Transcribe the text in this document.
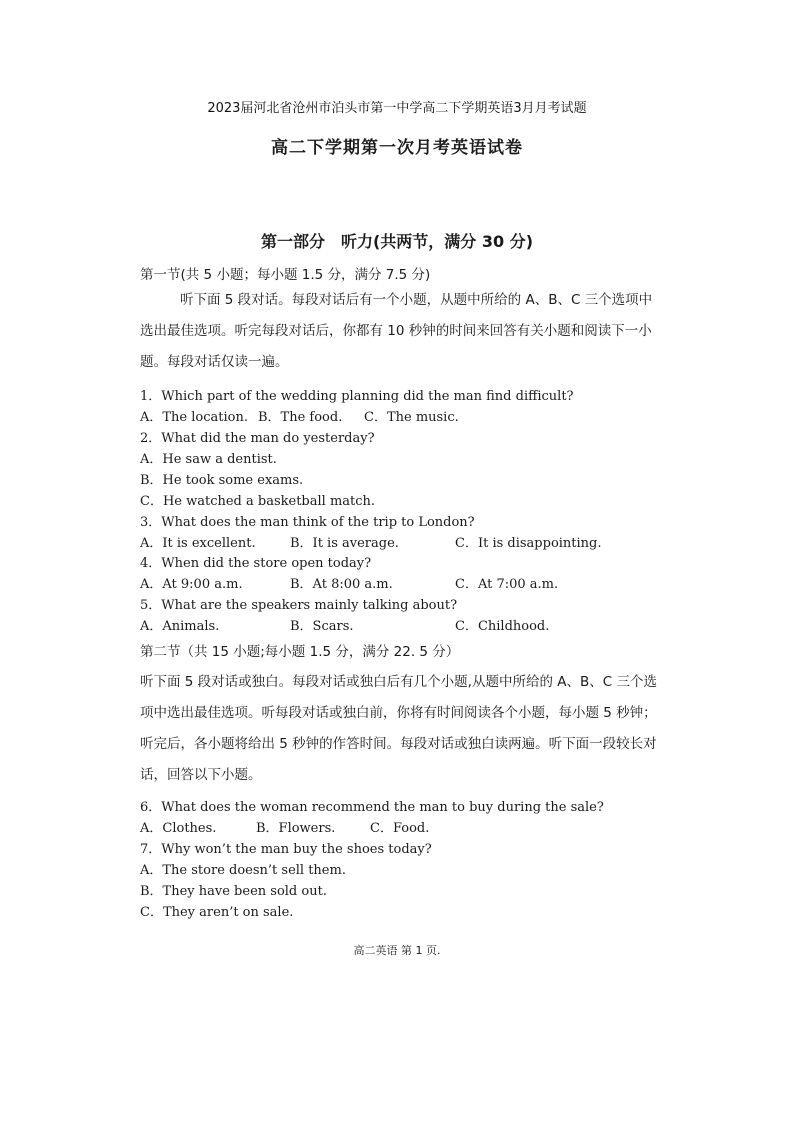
2023届河北省沧州市泊头市第一中学高二下学期英语3月月考试题
高二下学期第一次月考英语试卷
第一部分　听力(共两节，满分 30 分)
第一节(共 5 小题；每小题 1.5 分，满分 7.5 分)
听下面 5 段对话。每段对话后有一个小题，从题中所给的 A、B、C 三个选项中选出最佳选项。听完每段对话后，你都有 10 秒钟的时间来回答有关小题和阅读下一小题。每段对话仅读一遍。
1．Which part of the wedding planning did the man find difficult?
A．The location. B．The food. C．The music.
2．What did the man do yesterday?
A．He saw a dentist.
B．He took some exams.
C．He watched a basketball match.
3．What does the man think of the trip to London?
A．It is excellent.	B．It is average.	C．It is disappointing.
4．When did the store open today?
A．At 9:00 a.m.	B．At 8:00 a.m.	C．At 7:00 a.m.
5．What are the speakers mainly talking about?
A．Animals.	B．Scars.	C．Childhood.
第二节（共 15 小题;每小题 1.5 分，满分 22. 5 分）
听下面 5 段对话或独白。每段对话或独白后有几个小题,从题中所给的 A、B、C 三个选项中选出最佳选项。听每段对话或独白前，你将有时间阅读各个小题，每小题 5 秒钟；听完后，各小题将给出 5 秒钟的作答时间。每段对话或独白读两遍。听下面一段较长对话，回答以下小题。
6．What does the woman recommend the man to buy during the sale?
A．Clothes.	B．Flowers.	C．Food.
7．Why won’t the man buy the shoes today?
A．The store doesn’t sell them.
B．They have been sold out.
C．They aren’t on sale.
高二英语 第 1 页.
